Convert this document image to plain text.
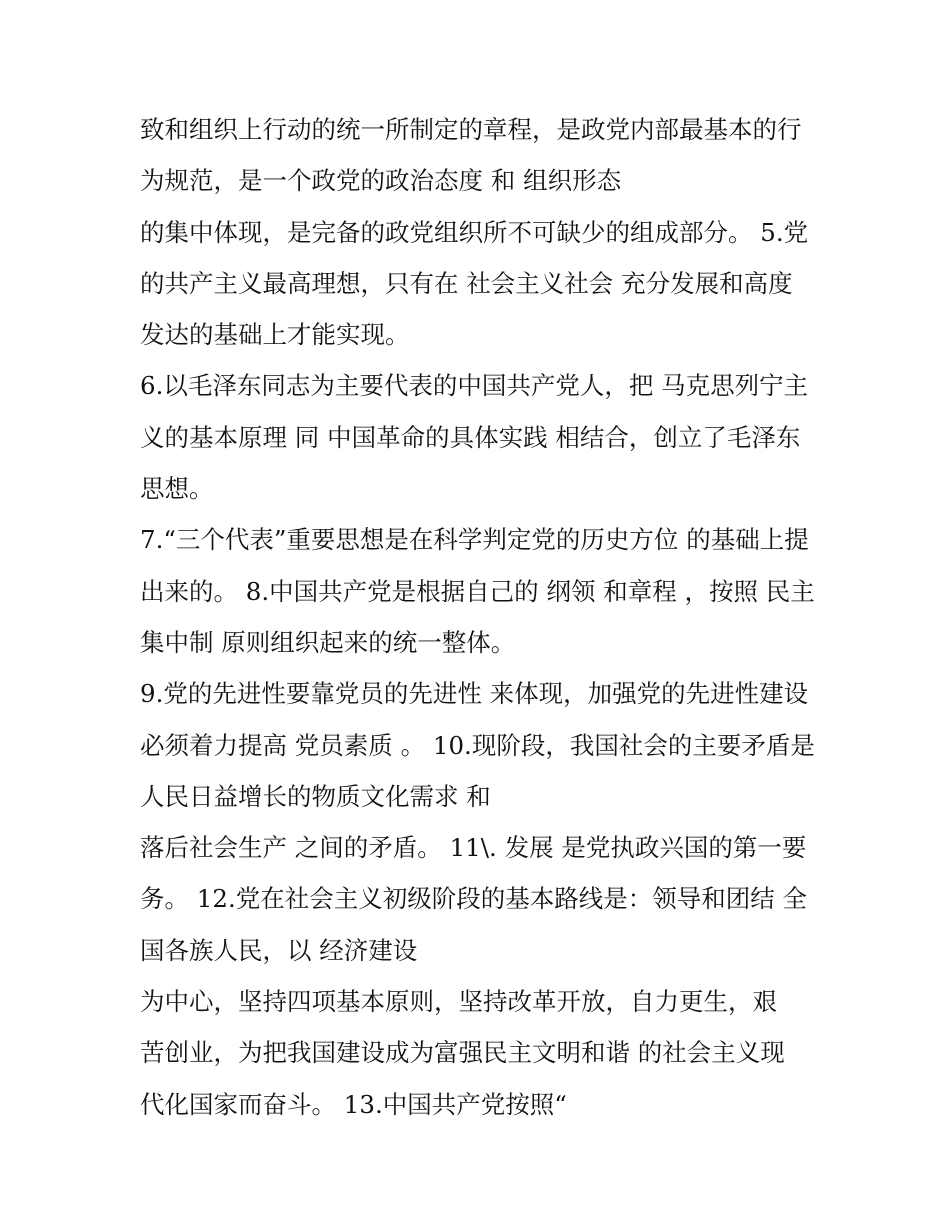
致和组织上行动的统一所制定的章程，是政党内部最基本的行
为规范，是一个政党的政治态度 和 组织形态
的集中体现，是完备的政党组织所不可缺少的组成部分。 5.党
的共产主义最高理想，只有在 社会主义社会 充分发展和高度
发达的基础上才能实现。
6.以毛泽东同志为主要代表的中国共产党人，把 马克思列宁主
义的基本原理 同 中国革命的具体实践 相结合，创立了毛泽东
思想。
7.“三个代表”重要思想是在科学判定党的历史方位 的基础上提
出来的。 8.中国共产党是根据自己的 纲领 和章程 ，按照 民主
集中制 原则组织起来的统一整体。
9.党的先进性要靠党员的先进性 来体现，加强党的先进性建设
必须着力提高 党员素质 。 10.现阶段，我国社会的主要矛盾是
人民日益增长的物质文化需求 和
落后社会生产 之间的矛盾。 11\. 发展 是党执政兴国的第一要
务。 12.党在社会主义初级阶段的基本路线是：领导和团结 全
国各族人民，以 经济建设
为中心，坚持四项基本原则，坚持改革开放，自力更生，艰
苦创业，为把我国建设成为富强民主文明和谐 的社会主义现
代化国家而奋斗。 13.中国共产党按照“
